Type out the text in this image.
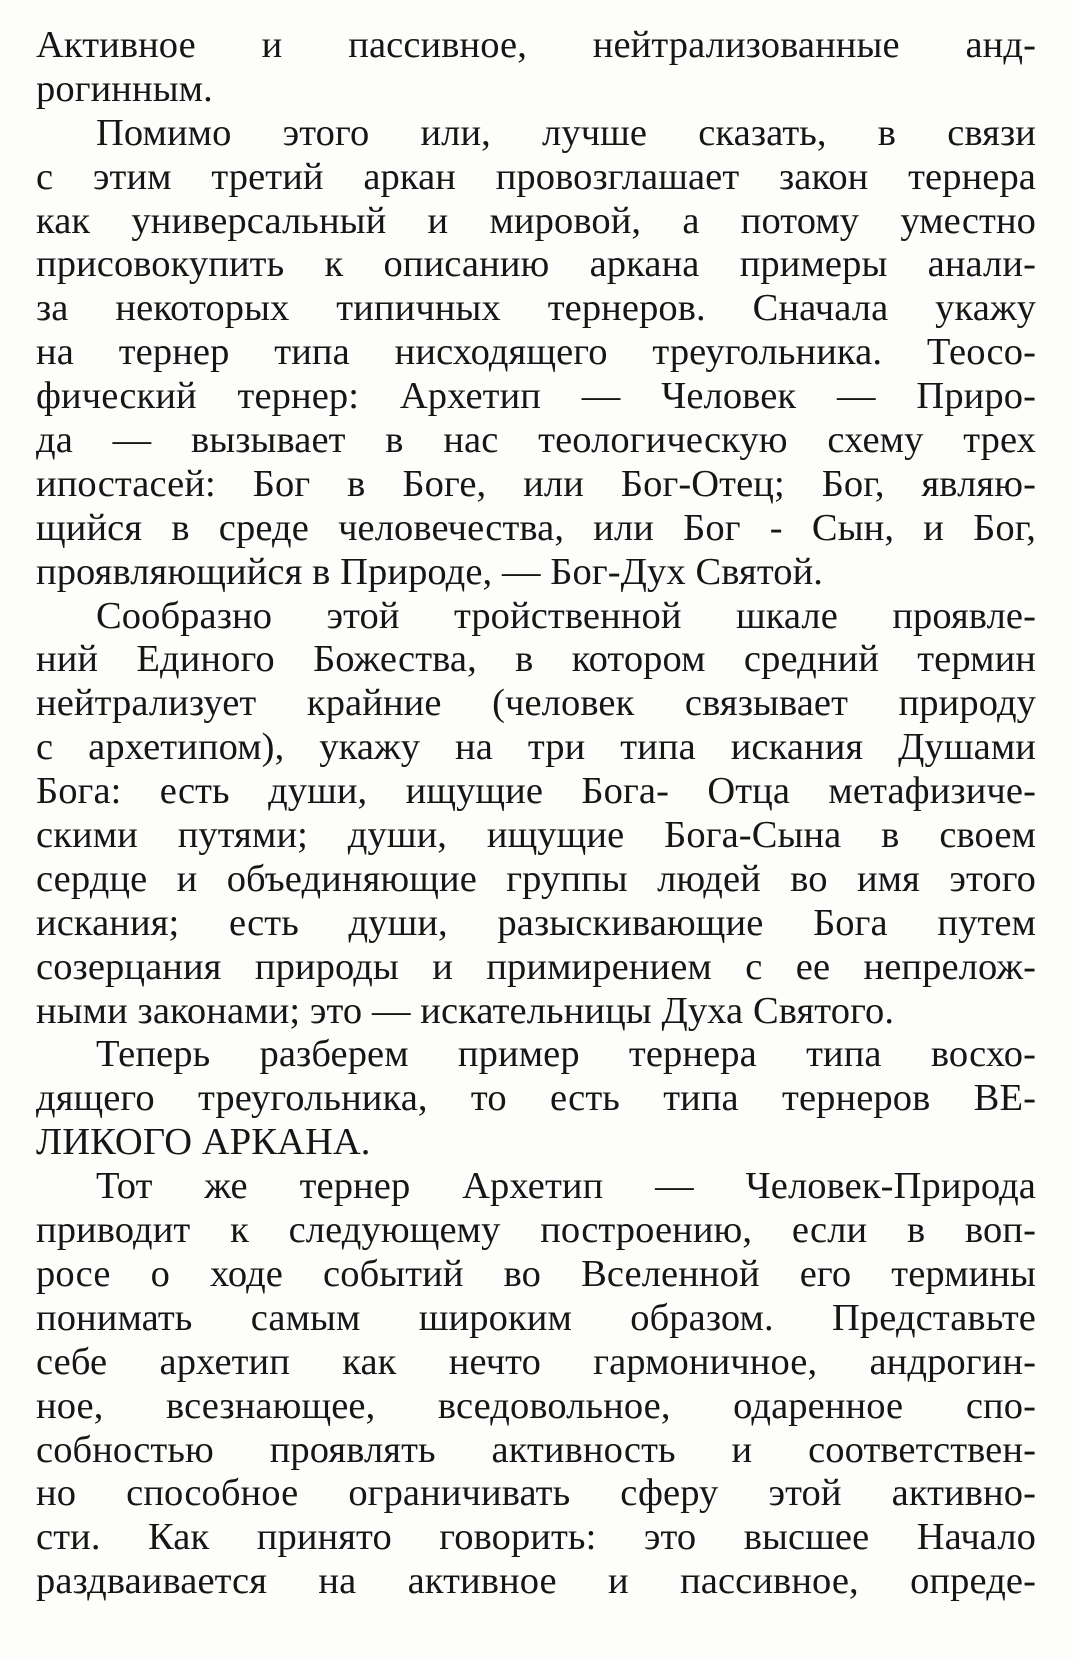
Активное и пассивное, нейтрализованные анд-
рогинным.
Помимо этого или, лучше сказать, в связи
с этим третий аркан провозглашает закон тернера
как универсальный и мировой, а потому уместно
присовокупить к описанию аркана примеры анали-
за некоторых типичных тернеров. Сначала укажу
на тернер типа нисходящего треугольника. Теосо-
фический тернер: Архетип — Человек — Приро-
да — вызывает в нас теологическую схему трех
ипостасей: Бог в Боге, или Бог-Отец; Бог, являю-
щийся в среде человечества, или Бог - Сын, и Бог,
проявляющийся в Природе, — Бог-Дух Святой.
Сообразно этой тройственной шкале проявле-
ний Единого Божества, в котором средний термин
нейтрализует крайние (человек связывает природу
с архетипом), укажу на три типа искания Душами
Бога: есть души, ищущие Бога- Отца метафизиче-
скими путями; души, ищущие Бога-Сына в своем
сердце и объединяющие группы людей во имя этого
искания; есть души, разыскивающие Бога путем
созерцания природы и примирением с ее непрелож-
ными законами; это — искательницы Духа Святого.
Теперь разберем пример тернера типа восхо-
дящего треугольника, то есть типа тернеров ВЕ-
ЛИКОГО АРКАНА.
Тот же тернер Архетип — Человек-Природа
приводит к следующему построению, если в воп-
росе о ходе событий во Вселенной его термины
понимать самым широким образом. Представьте
себе архетип как нечто гармоничное, андрогин-
ное, всезнающее, вседовольное, одаренное спо-
собностью проявлять активность и соответствен-
но способное ограничивать сферу этой активно-
сти. Как принято говорить: это высшее Начало
раздваивается на активное и пассивное, опреде-
